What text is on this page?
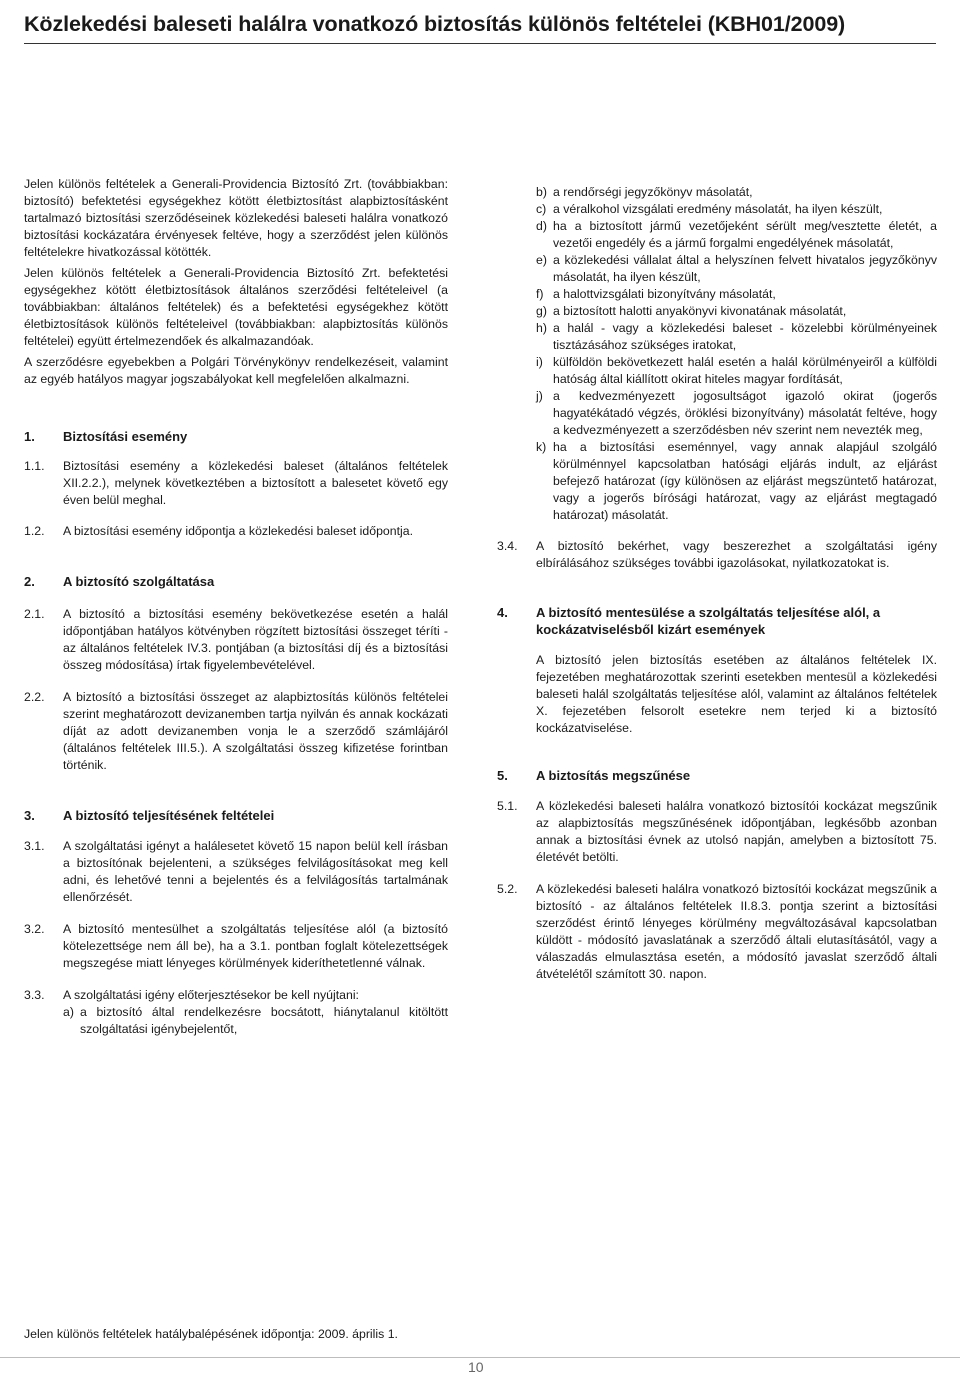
Közlekedési baleseti halálra vonatkozó biztosítás különös feltételei (KBH01/2009)

Jelen különös feltételek a Generali-Providencia Biztosító Zrt. (továbbiakban: biztosító) befektetési egységekhez kötött életbiztosítást alapbiztosításként tartalmazó biztosítási szerződéseinek közlekedési baleseti halálra vonatkozó biztosítási kockázatára érvényesek feltéve, hogy a szerződést jelen különös feltételekre hivatkozással kötötték.

Jelen különös feltételek a Generali-Providencia Biztosító Zrt. befektetési egységekhez kötött életbiztosítások általános szerződési feltételeivel (a továbbiakban: általános feltételek) és a befektetési egységekhez kötött életbiztosítások különös feltételeivel (továbbiakban: alapbiztosítás különös feltételei) együtt értelmezendőek és alkalmazandóak.

A szerződésre egyebekben a Polgári Törvénykönyv rendelkezéseit, valamint az egyéb hatályos magyar jogszabályokat kell megfelelően alkalmazni.

1.	Biztosítási esemény
1.1.	Biztosítási esemény a közlekedési baleset (általános feltételek XII.2.2.), melynek következtében a biztosított a balesetet követő egy éven belül meghal.
1.2.	A biztosítási esemény időpontja a közlekedési baleset időpontja.
2.	A biztosító szolgáltatása
2.1.	A biztosító a biztosítási esemény bekövetkezése esetén a halál időpontjában hatályos kötvényben rögzített biztosítási összeget téríti - az általános feltételek IV.3. pontjában (a biztosítási díj és a biztosítási összeg módosítása) írtak figyelembevételével.
2.2.	A biztosító a biztosítási összeget az alapbiztosítás különös feltételei szerint meghatározott devizanemben tartja nyilván és annak kockázati díját az adott devizanemben vonja le a szerződő számlájáról (általános feltételek III.5.). A szolgáltatási összeg kifizetése forintban történik.
3.	A biztosító teljesítésének feltételei
3.1.	A szolgáltatási igényt a halálesetet követő 15 napon belül kell írásban a biztosítónak bejelenteni, a szükséges felvilágosításokat meg kell adni, és lehetővé tenni a bejelentés és a felvilágosítás tartalmának ellenőrzését.
3.2.	A biztosító mentesülhet a szolgáltatás teljesítése alól (a biztosító kötelezettsége nem áll be), ha a 3.1. pontban foglalt kötelezettségek megszegése miatt lényeges körülmények kideríthetetlenné válnak.
3.3.	A szolgáltatási igény előterjesztésekor be kell nyújtani:

a) a biztosító által rendelkezésre bocsátott, hiánytalanul kitöltött szolgáltatási igénybejelentőt,
b) a rendőrségi jegyzőkönyv másolatát,
c) a véralkohol vizsgálati eredmény másolatát, ha ilyen készült,
d) ha a biztosított jármű vezetőjeként sérült meg/vesztette életét, a vezetői engedély és a jármű forgalmi engedélyének másolatát,
e) a közlekedési vállalat által a helyszínen felvett hivatalos jegyzőkönyv másolatát, ha ilyen készült,
f) a halottvizsgálati bizonyítvány másolatát,
g) a biztosított halotti anyakönyvi kivonatának másolatát,
h) a halál - vagy a közlekedési baleset - közelebbi körülményeinek tisztázásához szükséges iratokat,
i) külföldön bekövetkezett halál esetén a halál körülményeiről a külföldi hatóság által kiállított okirat hiteles magyar fordítását,
j) a kedvezményezett jogosultságot igazoló okirat (jogerős hagyatékátadó végzés, öröklési bizonyítvány) másolatát feltéve, hogy a kedvezményezett a szerződésben név szerint nem nevezték meg,
k) ha a biztosítási eseménnyel, vagy annak alapjául szolgáló körülménnyel kapcsolatban hatósági eljárás indult, az eljárást befejező határozat (így különösen az eljárást megszüntető határozat, vagy a jogerős bírósági határozat, vagy az eljárást megtagadó határozat) másolatát.
3.4.	A biztosító bekérhet, vagy beszerezhet a szolgáltatási igény elbírálásához szükséges további igazolásokat, nyilatkozatokat is.
4.	A biztosító mentesülése a szolgáltatás teljesítése alól, a kockázatviselésből kizárt események

A biztosító jelen biztosítás esetében az általános feltételek IX. fejezetében meghatározottak szerinti esetekben mentesül a közlekedési baleseti halál szolgáltatás teljesítése alól, valamint az általános feltételek X. fejezetében felsorolt esetekre nem terjed ki a biztosító kockázatviselése.

5.	A biztosítás megszűnése
5.1.	A közlekedési baleseti halálra vonatkozó biztosítói kockázat megszűnik az alapbiztosítás megszűnésének időpontjában, legkésőbb azonban annak a biztosítási évnek az utolsó napján, amelyben a biztosított 75. életévét betölti.
5.2.	A közlekedési baleseti halálra vonatkozó biztosítói kockázat megszűnik a biztosító - az általános feltételek II.8.3. pontja szerint a biztosítási szerződést érintő lényeges körülmény megváltozásával kapcsolatban küldött - módosító javaslatának a szerződő általi elutasításától, vagy a válaszadás elmulasztása esetén, a módosító javaslat szerződő általi átvételétől számított 30. napon.

Jelen különös feltételek hatálybalépésének időpontja: 2009. április 1.

10
